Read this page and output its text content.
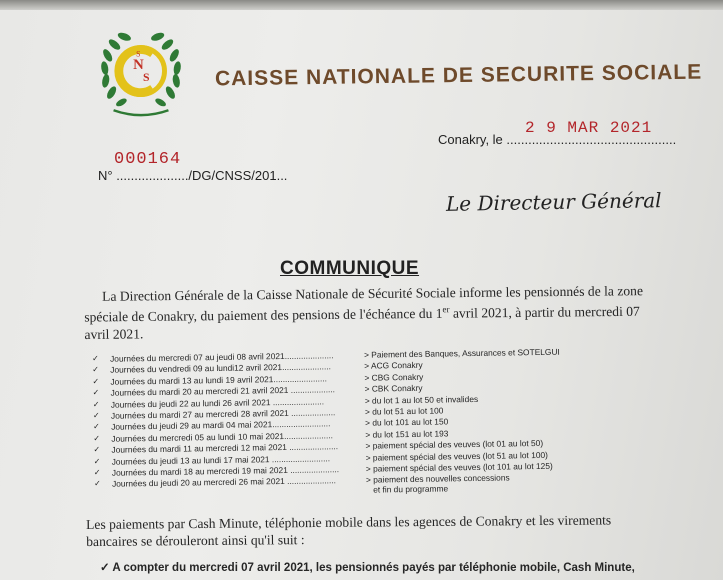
N
S
S
CAISSE NATIONALE DE SECURITE SOCIALE
2 9 MAR 2021
Conakry, le ...............................................
000164
N° ..................../DG/CNSS/201...
Le Directeur Général
COMMUNIQUE
La Direction Générale de la Caisse Nationale de Sécurité Sociale informe les pensionnés de la zone spéciale de Conakry, du paiement des pensions de l'échéance du 1er avril 2021, à partir du mercredi 07 avril 2021.
✓ Journées du mercredi 07 au jeudi 08 avril 2021.....................	> Paiement des Banques, Assurances et SOTELGUI
✓ Journées du vendredi 09 au lundi12 avril 2021.....................	> ACG Conakry
✓ Journées du mardi 13 au lundi 19 avril 2021.......................	> CBG Conakry
✓ Journées du mardi 20 au mercredi 21 avril 2021 ...................	> CBK Conakry
✓ Journées du jeudi 22 au lundi 26 avril 2021 ......................	> du lot 1 au lot 50 et invalides
✓ Journées du mardi 27 au mercredi 28 avril 2021 ...................	> du lot 51 au lot 100
✓ Journées du jeudi 29 au mardi 04 mai 2021.........................	> du lot 101 au lot 150
✓ Journées du mercredi 05 au lundi 10 mai 2021.....................	> du lot 151 au lot 193
✓ Journées du mardi 11 au mercredi 12 mai 2021 .....................	> paiement spécial des veuves (lot 01 au lot 50)
✓ Journées du jeudi 13 au lundi 17 mai 2021 .........................	> paiement spécial des veuves (lot 51 au lot 100)
✓ Journées du mardi 18 au mercredi 19 mai 2021 .....................	> paiement spécial des veuves (lot 101 au lot 125)
✓ Journées du jeudi 20 au mercredi 26 mai 2021 .....................	> paiement des nouvelles concessions
et fin du programme
Les paiements par Cash Minute, téléphonie mobile dans les agences de Conakry et les virements bancaires se dérouleront ainsi qu'il suit :
✓ A compter du mercredi 07 avril 2021, les pensionnés payés par téléphonie mobile, Cash Minute,
